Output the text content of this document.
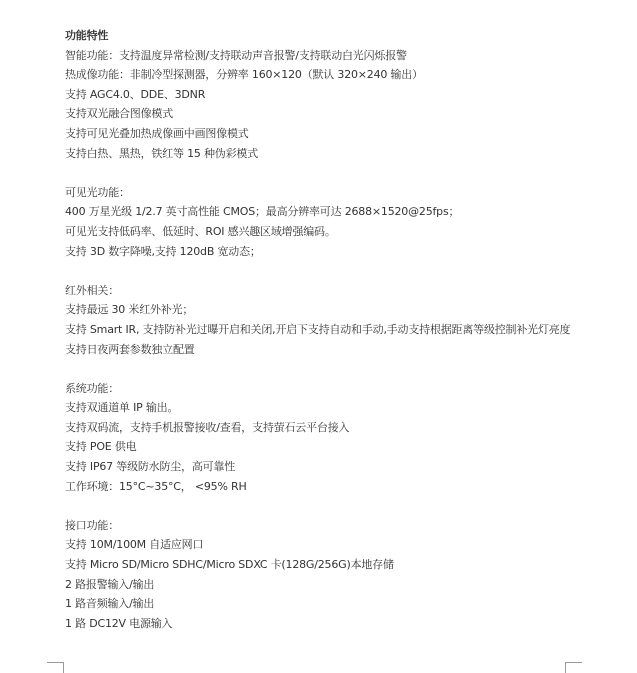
功能特性
智能功能：支持温度异常检测/支持联动声音报警/支持联动白光闪烁报警
热成像功能：非制冷型探测器，分辨率 160×120（默认 320×240 输出）
支持 AGC4.0、DDE、3DNR
支持双光融合图像模式
支持可见光叠加热成像画中画图像模式
支持白热、黑热，铁红等 15 种伪彩模式
可见光功能：
400 万星光级 1/2.7 英寸高性能 CMOS；最高分辨率可达 2688×1520@25fps；
可见光支持低码率、低延时、ROI 感兴趣区域增强编码。
支持 3D 数字降噪,支持 120dB 宽动态；
红外相关：
支持最远 30 米红外补光；
支持 Smart IR, 支持防补光过曝开启和关闭,开启下支持自动和手动,手动支持根据距离等级控制补光灯亮度
支持日夜两套参数独立配置
系统功能：
支持双通道单 IP 输出。
支持双码流，支持手机报警接收/查看，支持萤石云平台接入
支持 POE 供电
支持 IP67 等级防水防尘，高可靠性
工作环境：15°C~35°C， <95% RH
接口功能：
支持 10M/100M 自适应网口
支持 Micro SD/Micro SDHC/Micro SDXC 卡(128G/256G)本地存储
2 路报警输入/输出
1 路音频输入/输出
1 路 DC12V 电源输入
